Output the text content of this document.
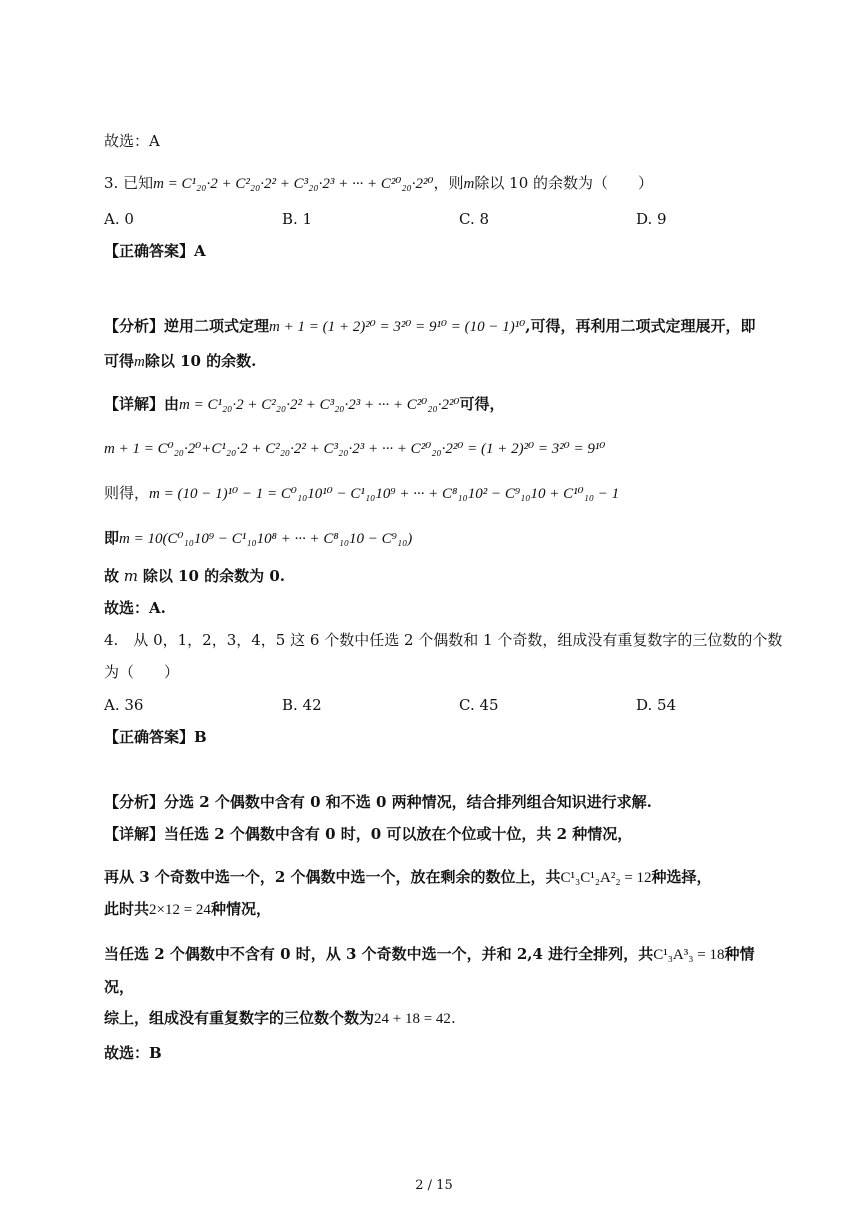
故选：A
3. 已知m = C¹₂₀·2 + C²₂₀·2² + C³₂₀·2³ + ··· + C²⁰₂₀·2²⁰，则m除以 10 的余数为（　　）
A. 0	B. 1	C. 8	D. 9
【正确答案】A
【分析】逆用二项式定理m + 1 = (1 + 2)²⁰ = 3²⁰ = 9¹⁰ = (10 − 1)¹⁰,可得，再利用二项式定理展开，即
可得m除以 10 的余数.
【详解】由m = C¹₂₀·2 + C²₂₀·2² + C³₂₀·2³ + ··· + C²⁰₂₀·2²⁰可得，
m + 1 = C⁰₂₀·2⁰+C¹₂₀·2 + C²₂₀·2² + C³₂₀·2³ + ··· + C²⁰₂₀·2²⁰ = (1 + 2)²⁰ = 3²⁰ = 9¹⁰
则得，m = (10 − 1)¹⁰ − 1 = C⁰₁₀10¹⁰ − C¹₁₀10⁹ + ··· + C⁸₁₀10² − C⁹₁₀10 + C¹⁰₁₀ − 1
即m = 10(C⁰₁₀10⁹ − C¹₁₀10⁸ + ··· + C⁸₁₀10 − C⁹₁₀)
故 m 除以 10 的余数为 0.
故选：A.
4.　从 0，1，2，3，4，5 这 6 个数中任选 2 个偶数和 1 个奇数，组成没有重复数字的三位数的个数
为（　　）
A. 36	B. 42	C. 45	D. 54
【正确答案】B
【分析】分选 2 个偶数中含有 0 和不选 0 两种情况，结合排列组合知识进行求解.
【详解】当任选 2 个偶数中含有 0 时，0 可以放在个位或十位，共 2 种情况，
再从 3 个奇数中选一个，2 个偶数中选一个，放在剩余的数位上，共C¹₃C¹₂A²₂ = 12种选择，
此时共2×12 = 24种情况，
当任选 2 个偶数中不含有 0 时，从 3 个奇数中选一个，并和 2,4 进行全排列，共C¹₃A³₃ = 18种情
况，
综上，组成没有重复数字的三位数个数为24 + 18 = 42.
故选：B
2 / 15
